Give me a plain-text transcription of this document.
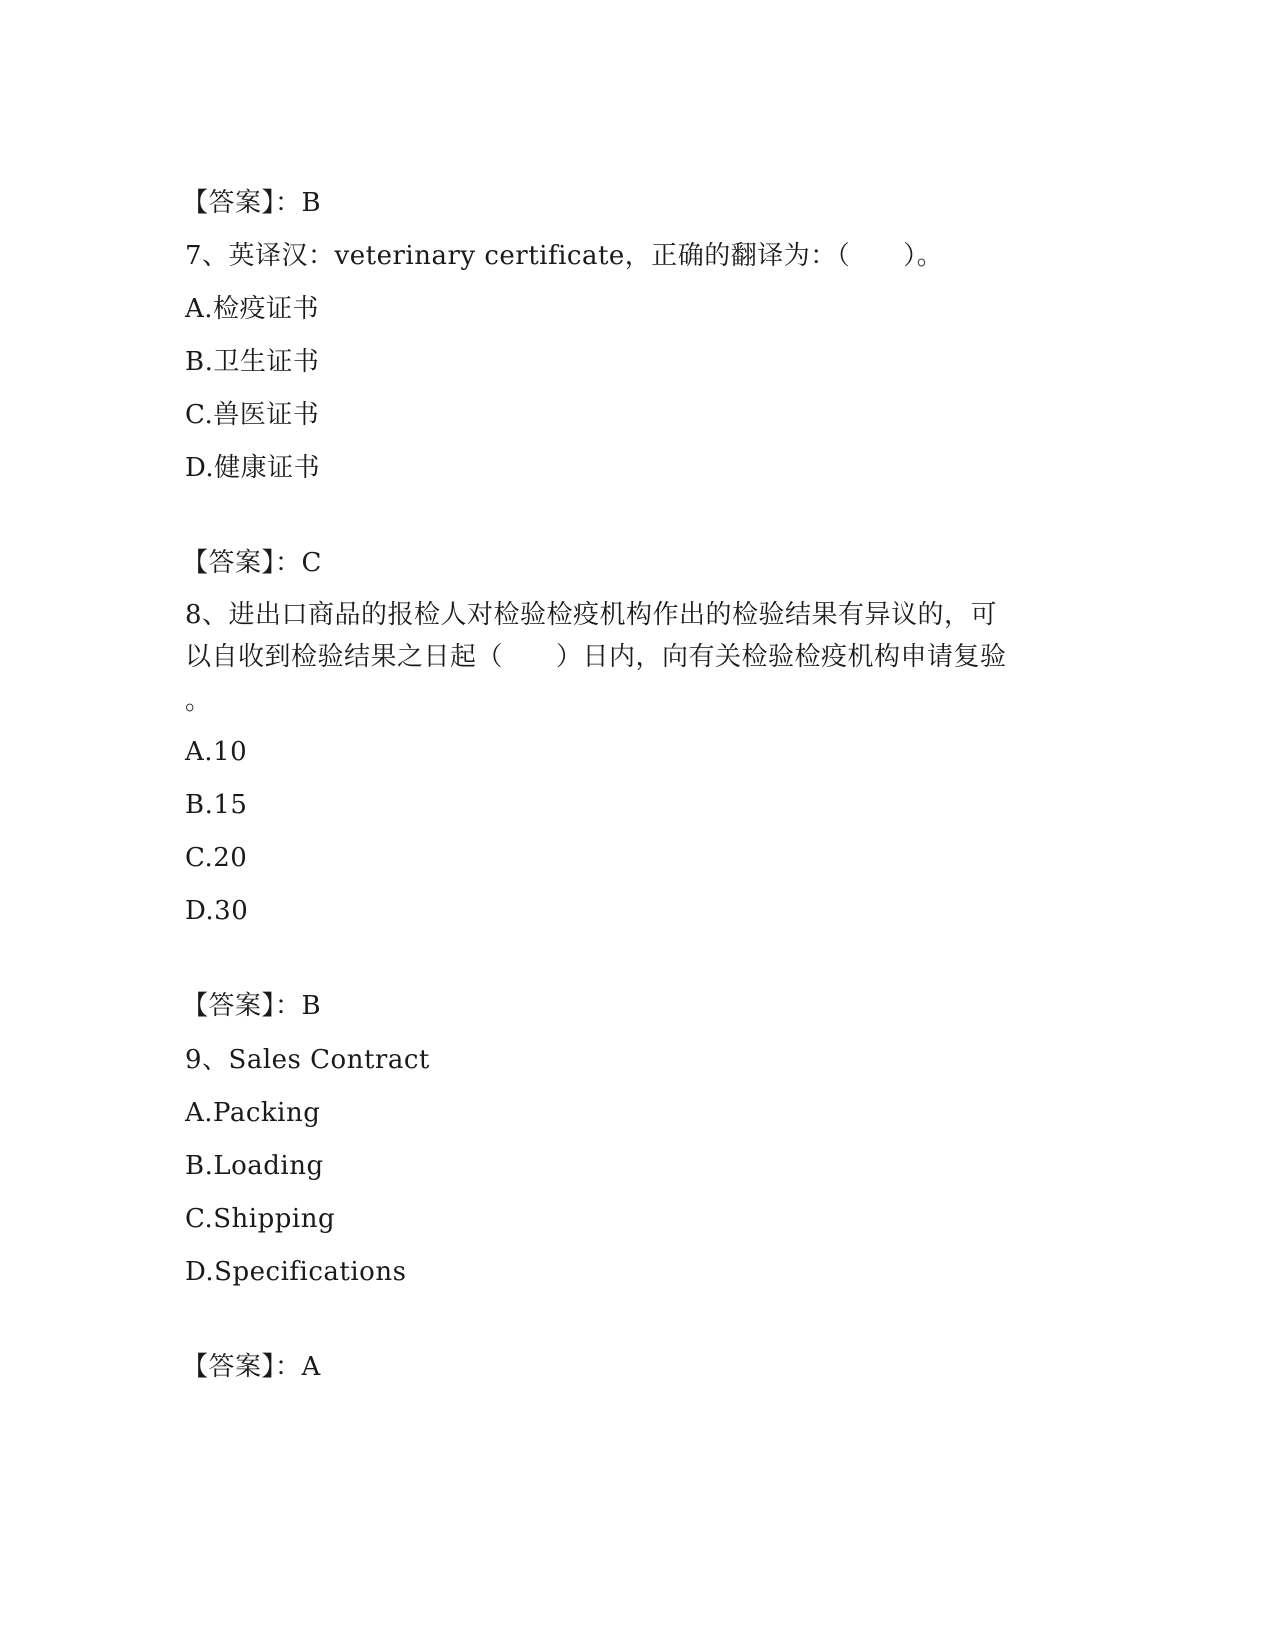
【答案】：B
7、英译汉：veterinary certificate，正确的翻译为：（　　）。
A.检疫证书
B.卫生证书
C.兽医证书
D.健康证书
【答案】：C
8、进出口商品的报检人对检验检疫机构作出的检验结果有异议的，可
以自收到检验结果之日起（　　）日内，向有关检验检疫机构申请复验
。
A.10
B.15
C.20
D.30
【答案】：B
9、Sales Contract
A.Packing
B.Loading
C.Shipping
D.Specifications
【答案】：A
